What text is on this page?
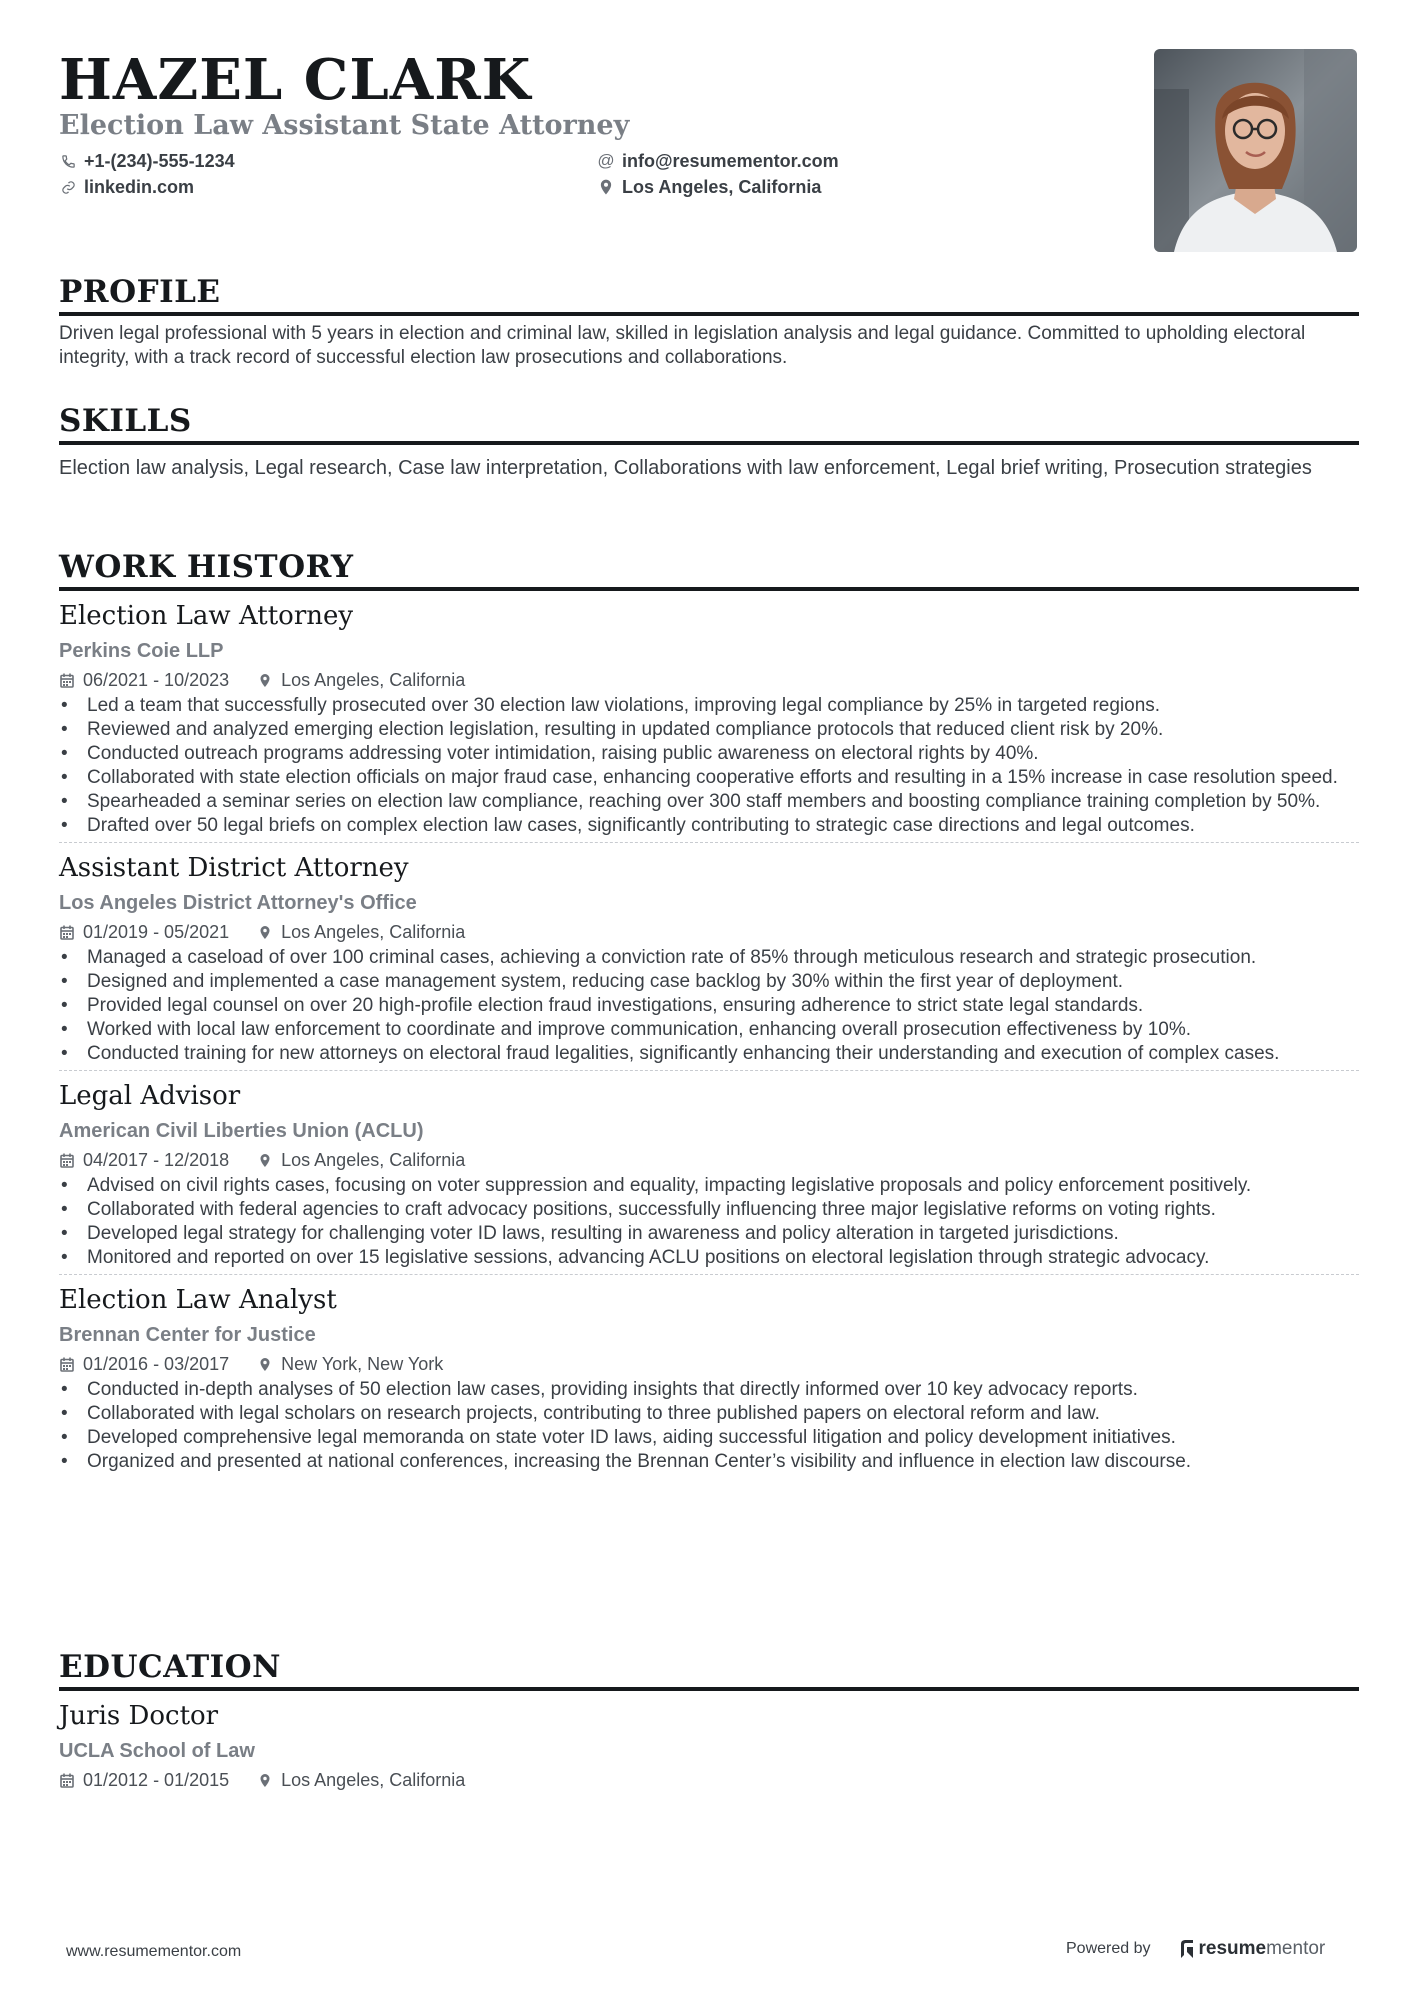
HAZEL CLARK
Election Law Assistant State Attorney
+1-(234)-555-1234
linkedin.com
@ info@resumementor.com
Los Angeles, California
PROFILE
Driven legal professional with 5 years in election and criminal law, skilled in legislation analysis and legal guidance. Committed to upholding electoral integrity, with a track record of successful election law prosecutions and collaborations.
SKILLS
Election law analysis, Legal research, Case law interpretation, Collaborations with law enforcement, Legal brief writing, Prosecution strategies
WORK HISTORY
Election Law Attorney
Perkins Coie LLP
06/2021 - 10/2023	Los Angeles, California
• Led a team that successfully prosecuted over 30 election law violations, improving legal compliance by 25% in targeted regions.
• Reviewed and analyzed emerging election legislation, resulting in updated compliance protocols that reduced client risk by 20%.
• Conducted outreach programs addressing voter intimidation, raising public awareness on electoral rights by 40%.
• Collaborated with state election officials on major fraud case, enhancing cooperative efforts and resulting in a 15% increase in case resolution speed.
• Spearheaded a seminar series on election law compliance, reaching over 300 staff members and boosting compliance training completion by 50%.
• Drafted over 50 legal briefs on complex election law cases, significantly contributing to strategic case directions and legal outcomes.
Assistant District Attorney
Los Angeles District Attorney's Office
01/2019 - 05/2021	Los Angeles, California
• Managed a caseload of over 100 criminal cases, achieving a conviction rate of 85% through meticulous research and strategic prosecution.
• Designed and implemented a case management system, reducing case backlog by 30% within the first year of deployment.
• Provided legal counsel on over 20 high-profile election fraud investigations, ensuring adherence to strict state legal standards.
• Worked with local law enforcement to coordinate and improve communication, enhancing overall prosecution effectiveness by 10%.
• Conducted training for new attorneys on electoral fraud legalities, significantly enhancing their understanding and execution of complex cases.
Legal Advisor
American Civil Liberties Union (ACLU)
04/2017 - 12/2018	Los Angeles, California
• Advised on civil rights cases, focusing on voter suppression and equality, impacting legislative proposals and policy enforcement positively.
• Collaborated with federal agencies to craft advocacy positions, successfully influencing three major legislative reforms on voting rights.
• Developed legal strategy for challenging voter ID laws, resulting in awareness and policy alteration in targeted jurisdictions.
• Monitored and reported on over 15 legislative sessions, advancing ACLU positions on electoral legislation through strategic advocacy.
Election Law Analyst
Brennan Center for Justice
01/2016 - 03/2017	New York, New York
• Conducted in-depth analyses of 50 election law cases, providing insights that directly informed over 10 key advocacy reports.
• Collaborated with legal scholars on research projects, contributing to three published papers on electoral reform and law.
• Developed comprehensive legal memoranda on state voter ID laws, aiding successful litigation and policy development initiatives.
• Organized and presented at national conferences, increasing the Brennan Center’s visibility and influence in election law discourse.
EDUCATION
Juris Doctor
UCLA School of Law
01/2012 - 01/2015	Los Angeles, California
www.resumementor.com	Powered by	resume mentor
